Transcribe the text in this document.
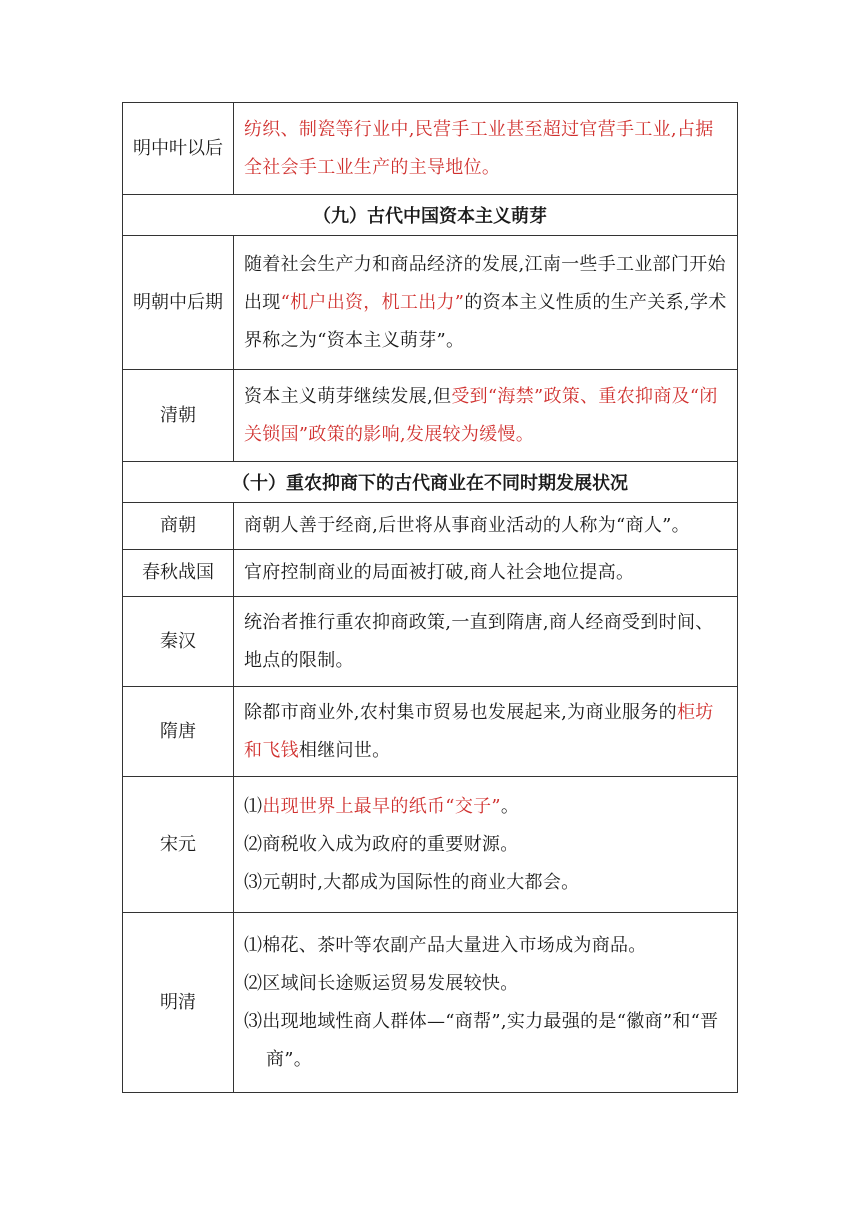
明中叶以后	纺织、制瓷等行业中,民营手工业甚至超过官营手工业,占据全社会手工业生产的主导地位。
（九）古代中国资本主义萌芽	
明朝中后期	随着社会生产力和商品经济的发展,江南一些手工业部门开始出现“机户出资，机工出力”的资本主义性质的生产关系,学术界称之为“资本主义萌芽”。
清朝	资本主义萌芽继续发展,但受到“海禁”政策、重农抑商及“闭关锁国”政策的影响,发展较为缓慢。
（十）重农抑商下的古代商业在不同时期发展状况	
商朝	商朝人善于经商,后世将从事商业活动的人称为“商人”。
春秋战国	官府控制商业的局面被打破,商人社会地位提高。
秦汉	统治者推行重农抑商政策,一直到隋唐,商人经商受到时间、地点的限制。
隋唐	除都市商业外,农村集市贸易也发展起来,为商业服务的柜坊和飞钱相继问世。
宋元	⑴出现世界上最早的纸币“交子”。
⑵商税收入成为政府的重要财源。
⑶元朝时,大都成为国际性的商业大都会。

明清	⑴棉花、茶叶等农副产品大量进入市场成为商品。
⑵区域间长途贩运贸易发展较快。
⑶出现地域性商人群体—“商帮”,实力最强的是“徽商”和“晋商”。
